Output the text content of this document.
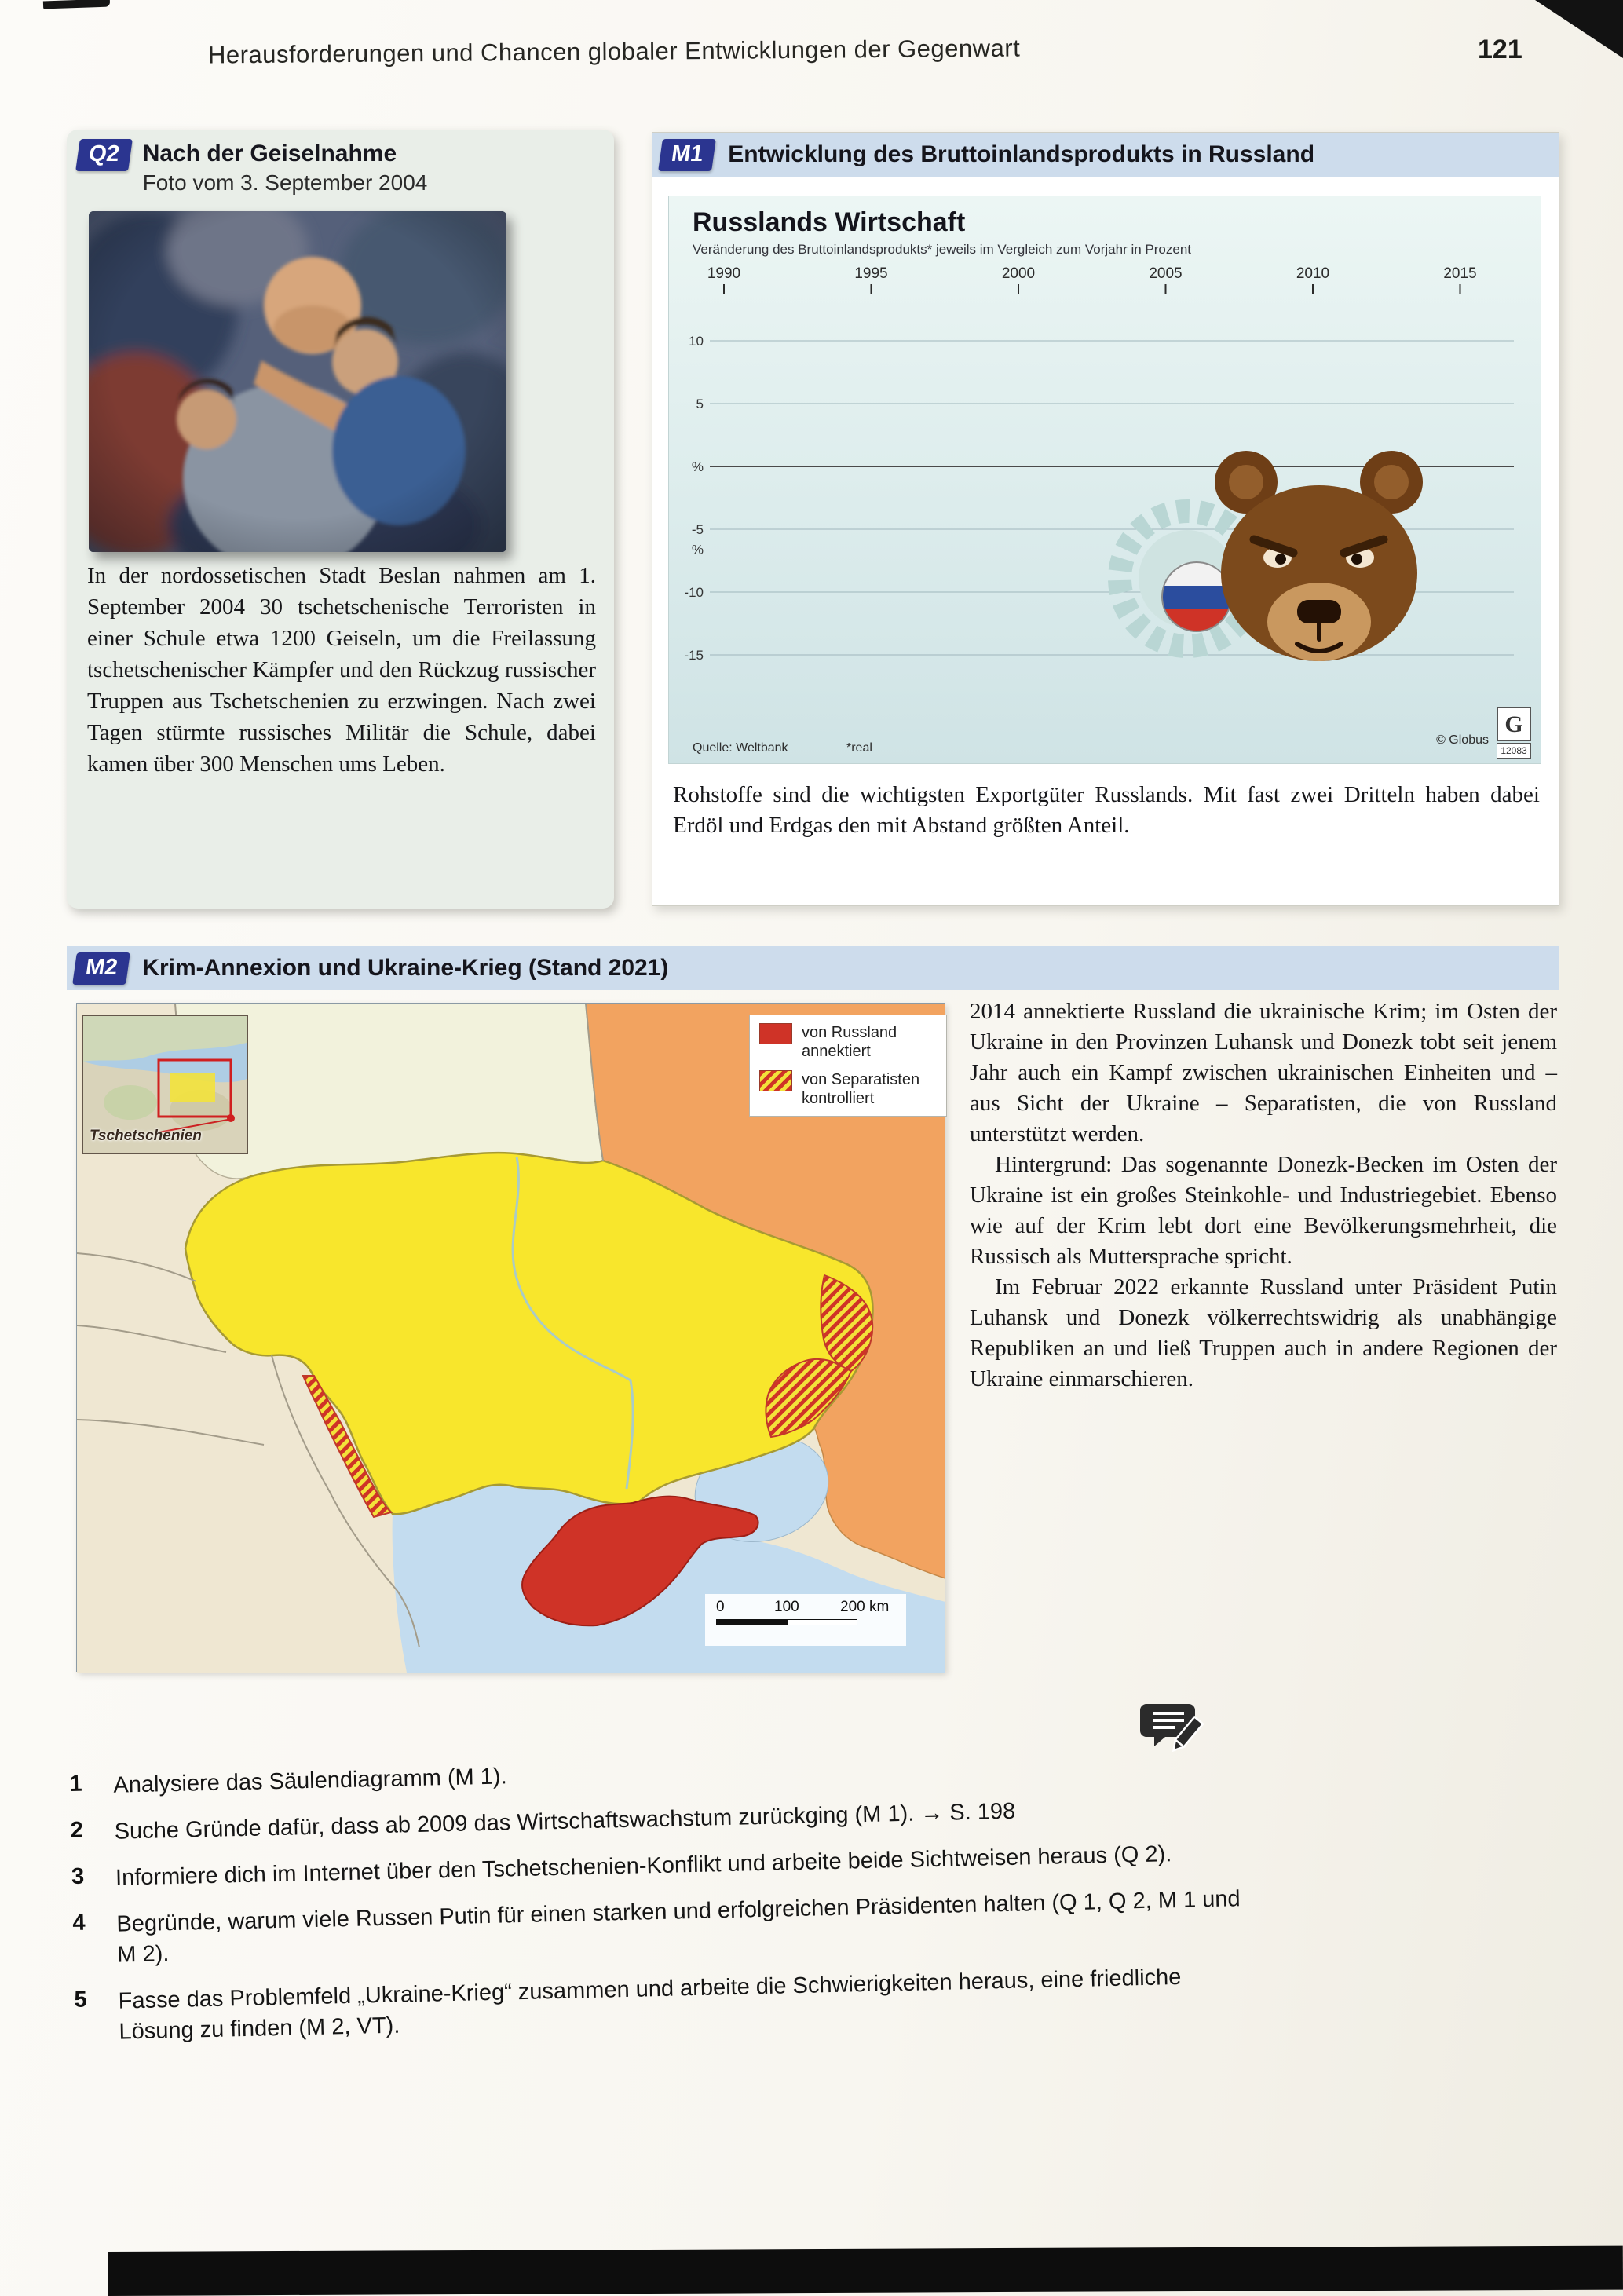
Herausforderungen und Chancen globaler Entwicklungen der Gegenwart	121
Q2 Nach der Geiselnahme
Foto vom 3. September 2004

In der nordossetischen Stadt Beslan nahmen am 1. September 2004 30 tschetschenische Terroristen in einer Schule etwa 1200 Geiseln, um die Freilassung tschetschenischer Kämpfer und den Rückzug russischer Truppen aus Tschetschenien zu erzwingen. Nach zwei Tagen stürmte russisches Militär die Schule, dabei kamen über 300 Menschen ums Leben.

M1 Entwicklung des Bruttoinlandsprodukts in Russland
10
5
%
-5
%
-10
-15
1990	1995	2000	2005	2010	2015
Russlands Wirtschaft
Veränderung des Bruttoinlandsprodukts* jeweils im Vergleich zum Vorjahr in Prozent
Quelle: Weltbank	*real
© Globus
G
12083

Rohstoffe sind die wichtigsten Exportgüter Russlands. Mit fast zwei Dritteln haben dabei Erdöl und Erdgas den mit Abstand größten Anteil.

M2 Krim-Annexion und Ukraine-Krieg (Stand 2021)
Tschetschenien
von Russland annektiert
von Separatisten kontrolliert
0	100	200 km

2014 annektierte Russland die ukrainische Krim; im Osten der Ukraine in den Provinzen Luhansk und Donezk tobt seit jenem Jahr auch ein Kampf zwischen ukrainischen Einheiten und – aus Sicht der Ukraine – Separatisten, die von Russland unterstützt werden.

Hintergrund: Das sogenannte Donezk-Becken im Osten der Ukraine ist ein großes Steinkohle- und Industriegebiet. Ebenso wie auf der Krim lebt dort eine Bevölkerungsmehrheit, die Russisch als Muttersprache spricht.

Im Februar 2022 erkannte Russland unter Präsident Putin Luhansk und Donezk völkerrechtswidrig als unabhängige Republiken an und ließ Truppen auch in andere Regionen der Ukraine einmarschieren.

1	Analysiere das Säulendiagramm (M 1).
2	Suche Gründe dafür, dass ab 2009 das Wirtschaftswachstum zurückging (M 1). → S. 198
3	Informiere dich im Internet über den Tschetschenien-Konflikt und arbeite beide Sichtweisen heraus (Q 2).
4	Begründe, warum viele Russen Putin für einen starken und erfolgreichen Präsidenten halten (Q 1, Q 2, M 1 und M 2).
5	Fasse das Problemfeld „Ukraine-Krieg“ zusammen und arbeite die Schwierigkeiten heraus, eine friedliche Lösung zu finden (M 2, VT).
